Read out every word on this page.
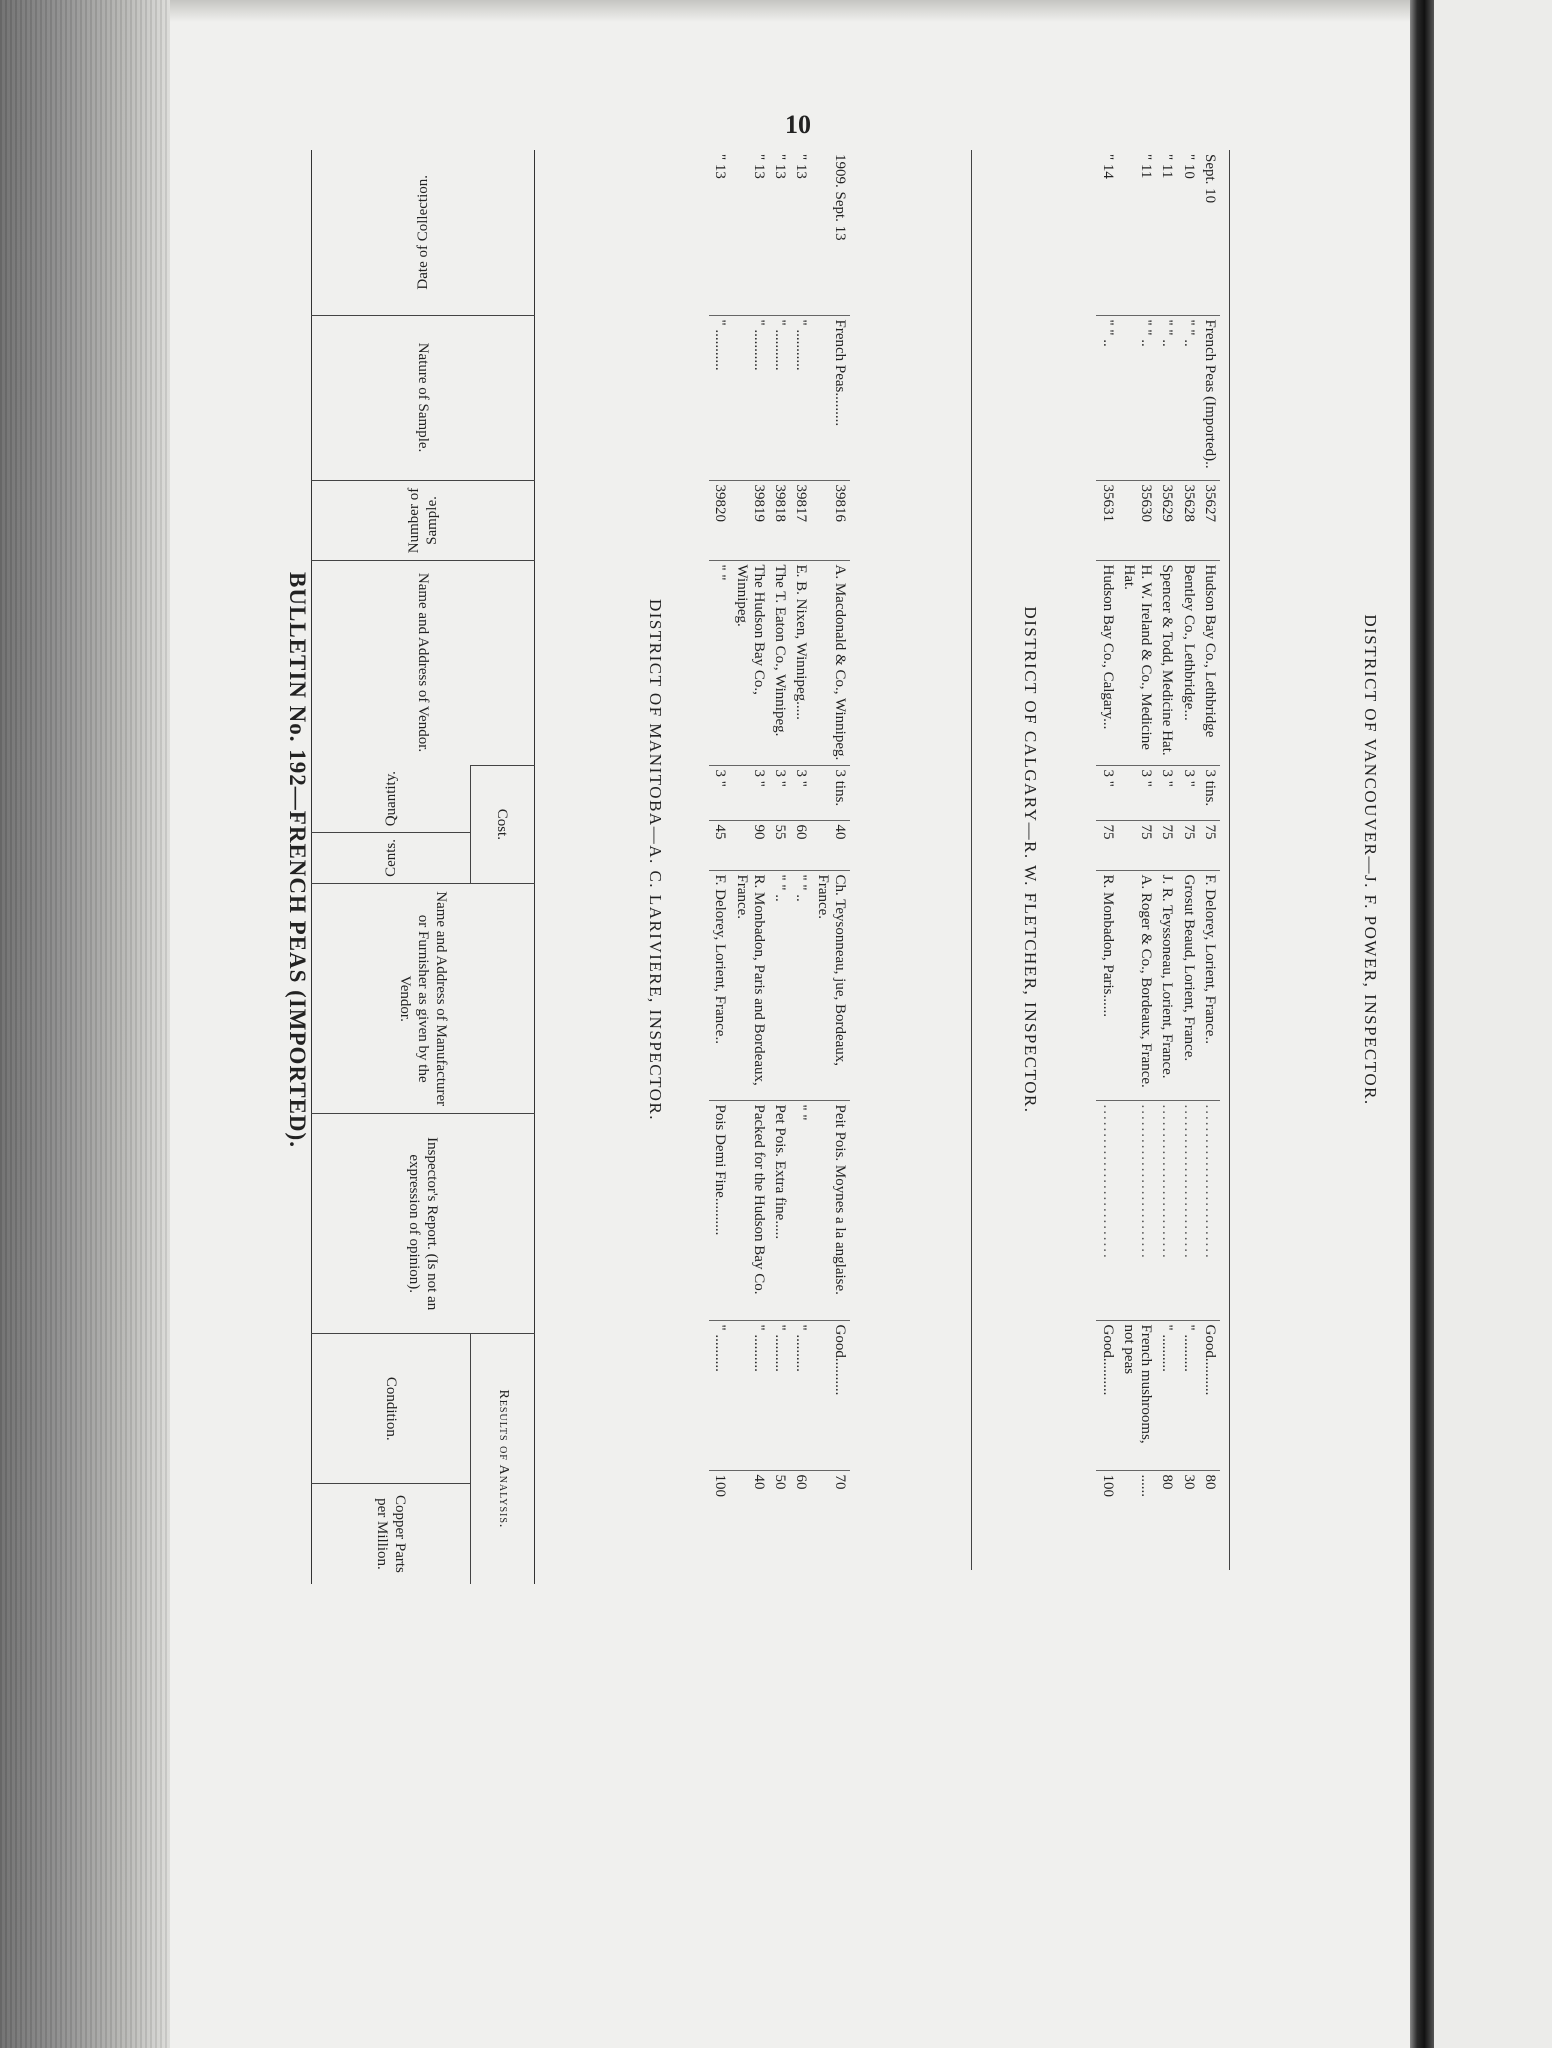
10
DISTRICT OF VANCOUVER—J. F. POWER, INSPECTOR.
BULLETIN No. 192—FRENCH PEAS (IMPORTED).
Date of Collection.	Nature of Sample.	Number of Sample.	Name and Address of Vendor.	Cost.		Name and Address of Manufacturer or Furnisher as given by the Vendor.	Inspector's Report. (Is not an expression of opinion).	Results of Analysis.	
				Quantity.	Cents.			Condition.	Copper Parts per Million.
DISTRICT OF MANITOBA—A. C. LARIVIERE, INSPECTOR.
1909. Sept. 13	French Peas.........	39816	A. Macdonald & Co., Winnipeg.	3 tins.	40	Ch. Teysonneau, jue, Bordeaux, France.	Peit Pois. Moynes a la anglaise.	Good..........	70
" 13	" ...........	39817	E. B. Nixen, Winnipeg.....	3 "	60	" " ..	" "	" ..........	60
" 13	" ...........	39818	The T. Eaton Co., Winnipeg.	3 "	55	" " ..	Pet Pois. Extra fine.....	" ..........	50
" 13	" ...........	39819	The Hudson Bay Co., Winnipeg.	3 "	90	R. Monbadon, Paris and Bordeaux, France.	Packed for the Hudson Bay Co.	" ..........	40
" 13	" ...........	39820	" "	3 "	45	F. Delorey, Lorient, France..	Pois Demi Fine..........	" ..........	100
DISTRICT OF CALGARY—R. W. FLETCHER, INSPECTOR.
Sept. 10	French Peas (Imported)..	35627	Hudson Bay Co., Lethbridge	3 tins.	75	F. Delorey, Lorient, France..	...........................	Good..........	80
" 10	" " ..	35628	Bentley Co., Lethbridge...	3 "	75	Grosut Beaud, Lorient, France.	...........................	" ..........	30
" 11	" " ..	35629	Spencer & Todd, Medicine Hat.	3 "	75	J. R. Teyssoneau, Lorient, France.	...........................	" ..........	80
" 11	" " ..	35630	H. W. Ireland & Co., Medicine Hat.	3 "	75	A. Roger & Co., Bordeaux, France.	...........................	French mushrooms, not peas	......
" 14	" " ..	35631	Hudson Bay Co., Calgary...	3 "	75	R. Monbadon, Paris......	...........................	Good..........	100
